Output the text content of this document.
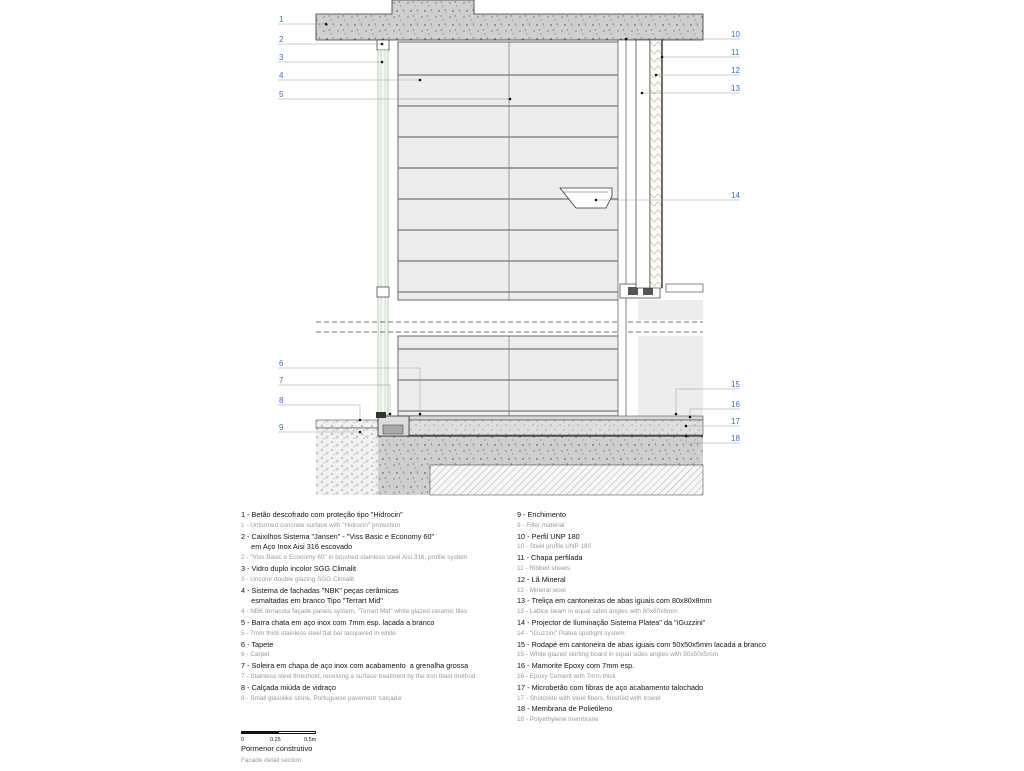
1
2
3
4
5
6
7
8
9
10
11
12
13
14
15
16
17
18
1 - Betão descofrado com proteção tipo "Hidrocin"
1 - Unformed concrete surface with "Hidrocin" protection
2 - Caixilhos Sistema "Jansen" - "Viss Basic e Economy 60"
em Aço Inox Aisi 316 escovado
2 - "Viss Basic e Economy 60" in brushed stainless steel Aisi 316, profile system
3 - Vidro duplo incolor SGG Climalit
3 - Uncolor double glazing SGG Climalit
4 - Sistema de fachadas "NBK" peças cerâmicas
esmaltadas em branco Tipo "Terrart Mid"
4 - NBK terracota façade panels system, "Terrart Mid" white glazed ceramic tiles
5 - Barra chata em aço inox com 7mm esp. lacada a branco
5 - 7mm thick stainless steel flat bar lacquered in white
6 - Tapete
6 - Carpet
7 - Soleira em chapa de aço inox com acabamento  a grenalha grossa
7 - Stainless steel threshold, receiving a surface treatment by the iron blast method
8 - Calçada miúda de vidraço
8 - Small glasslike stone, Portuguese pavement 'calçada'
9 - Enchimento
9 - Filler material
10 - Perfil UNP 180
10 - Steel profile UNP 180
11 - Chapa perfilada
11 - Ribbed sheets
12 - Lã Mineral
12 - Mineral wool
13 - Treliça em cantoneiras de abas iguais com 80x80x8mm
13 - Lattice beam in equal sides angles with 80x80x8mm
14 - Projector de Iluminação Sistema Platea" da "iGuzzini"
14 - "iGuzzini" Platea spotlight system
15 - Rodapé em cantoneira de abas iguais com 50x50x5mm lacada a branco
15 - White glazed skirting board in equal sides angles with 50x50x5mm
16 - Mamorite Epoxy com 7mm esp.
16 - Epoxy Cement with 7mm thick
17 - Microbetão com fibras de aço acabamento talochado
17 - Shotcrete with steel fibers, finished with trowel
18 - Membrana de Polietileno
18 - Polyethylene membrane
0	0.25	0.5m
Pormenor construtivo
Facade detail section
